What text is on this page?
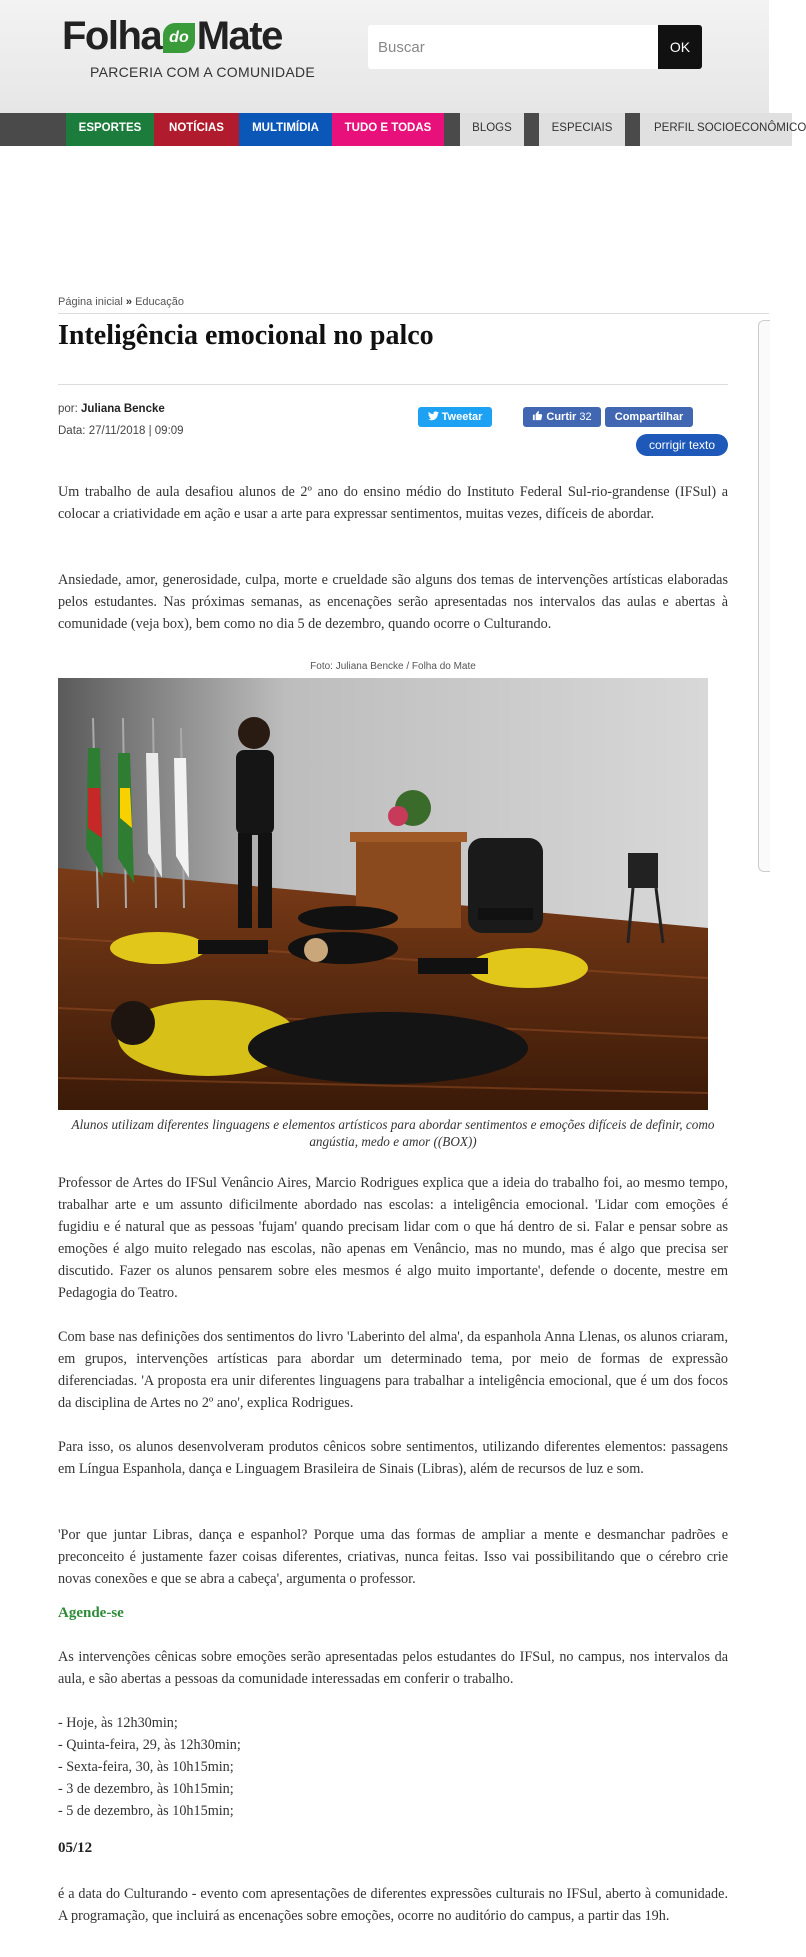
Folha do Mate
PARCERIA COM A COMUNIDADE
Buscar
OK
ESPORTES	NOTÍCIAS	MULTIMÍDIA	TUDO E TODAS	BLOGS	ESPECIAIS	PERFIL SOCIOECONÔMICO
Página inicial » Educação
Inteligência emocional no palco
por: Juliana Bencke
Data: 27/11/2018 | 09:09
Tweetar	Curtir 32	Compartilhar
corrigir texto
Um trabalho de aula desafiou alunos de 2º ano do ensino médio do Instituto Federal Sul-rio-grandense (IFSul) a colocar a criatividade em ação e usar a arte para expressar sentimentos, muitas vezes, difíceis de abordar.
Ansiedade, amor, generosidade, culpa, morte e crueldade são alguns dos temas de intervenções artísticas elaboradas pelos estudantes. Nas próximas semanas, as encenações serão apresentadas nos intervalos das aulas e abertas à comunidade (veja box), bem como no dia 5 de dezembro, quando ocorre o Culturando.
Foto: Juliana Bencke / Folha do Mate
Alunos utilizam diferentes linguagens e elementos artísticos para abordar sentimentos e emoções difíceis de definir, como angústia, medo e amor ((BOX))
Professor de Artes do IFSul Venâncio Aires, Marcio Rodrigues explica que a ideia do trabalho foi, ao mesmo tempo, trabalhar arte e um assunto dificilmente abordado nas escolas: a inteligência emocional. 'Lidar com emoções é fugidiu e é natural que as pessoas 'fujam' quando precisam lidar com o que há dentro de si. Falar e pensar sobre as emoções é algo muito relegado nas escolas, não apenas em Venâncio, mas no mundo, mas é algo que precisa ser discutido. Fazer os alunos pensarem sobre eles mesmos é algo muito importante', defende o docente, mestre em Pedagogia do Teatro.
Com base nas definições dos sentimentos do livro 'Laberinto del alma', da espanhola Anna Llenas, os alunos criaram, em grupos, intervenções artísticas para abordar um determinado tema, por meio de formas de expressão diferenciadas. 'A proposta era unir diferentes linguagens para trabalhar a inteligência emocional, que é um dos focos da disciplina de Artes no 2º ano', explica Rodrigues.
Para isso, os alunos desenvolveram produtos cênicos sobre sentimentos, utilizando diferentes elementos: passagens em Língua Espanhola, dança e Linguagem Brasileira de Sinais (Libras), além de recursos de luz e som.
'Por que juntar Libras, dança e espanhol? Porque uma das formas de ampliar a mente e desmanchar padrões e preconceito é justamente fazer coisas diferentes, criativas, nunca feitas. Isso vai possibilitando que o cérebro crie novas conexões e que se abra a cabeça', argumenta o professor.
Agende-se
As intervenções cênicas sobre emoções serão apresentadas pelos estudantes do IFSul, no campus, nos intervalos da aula, e são abertas a pessoas da comunidade interessadas em conferir o trabalho.
- Hoje, às 12h30min;
- Quinta-feira, 29, às 12h30min;
- Sexta-feira, 30, às 10h15min;
- 3 de dezembro, às 10h15min;
- 5 de dezembro, às 10h15min;
05/12
é a data do Culturando - evento com apresentações de diferentes expressões culturais no IFSul, aberto à comunidade. A programação, que incluirá as encenações sobre emoções, ocorre no auditório do campus, a partir das 19h.
